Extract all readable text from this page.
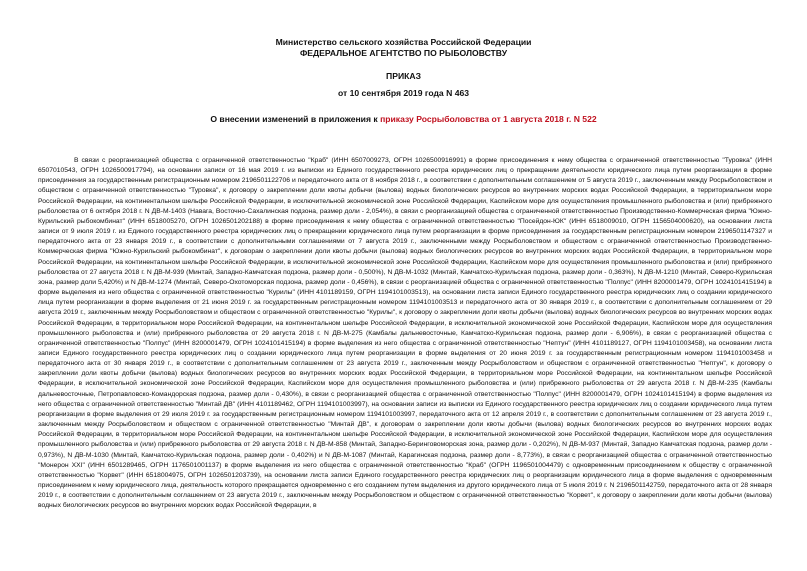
Министерство сельского хозяйства Российской Федерации
ФЕДЕРАЛЬНОЕ АГЕНТСТВО ПО РЫБОЛОВСТВУ
ПРИКАЗ
от 10 сентября 2019 года N 463
О внесении изменений в приложения к приказу Росрыболовства от 1 августа 2018 г. N 522

В связи с реорганизацией общества с ограниченной ответственностью "Краб" (ИНН 6507009273, ОГРН 1026500916991) в форме присоединения к нему общества с ограниченной ответственностью "Туровка" (ИНН 6507010543, ОГРН 1026500917794), на основании записи от 16 мая 2019 г. из выписки из Единого государственного реестра юридических лиц о прекращении деятельности юридического лица путем реорганизации в форме присоединения за государственным регистрационным номером 2196501122706 и передаточного акта от 8 ноября 2018 г., в соответствии с дополнительным соглашением от 5 августа 2019 г., заключенным между Росрыболовством и обществом с ограниченной ответственностью "Туровка", к договору о закреплении доли квоты добычи (вылова) водных биологических ресурсов во внутренних морских водах Российской Федерации, в территориальном море Российской Федерации, на континентальном шельфе Российской Федерации, в исключительной экономической зоне Российской Федерации, Каспийском море для осуществления промышленного рыболовства и (или) прибрежного рыболовства от 6 октября 2018 г. N ДВ-М-1403 (Навага, Восточно-Сахалинская подзона, размер доли - 2,054%), в связи с реорганизацией общества с ограниченной ответственностью Производственно-Коммерческая фирма "Южно-Курильский рыбокомбинат" (ИНН 6518005270, ОГРН 1026501202188) в форме присоединения к нему общества с ограниченной ответственностью "Посейдон-ЮК" (ИНН 6518009010, ОГРН 1156504000620), на основании листа записи от 9 июля 2019 г. из Единого государственного реестра юридических лиц о прекращении юридического лица путем реорганизации в форме присоединения за государственным регистрационным номером 2196501147327 и передаточного акта от 23 января 2019 г., в соответствии с дополнительными соглашениями от 7 августа 2019 г., заключенными между Росрыболовством и обществом с ограниченной ответственностью Производственно-Коммерческая фирма "Южно-Курильский рыбокомбинат", к договорам о закреплении доли квоты добычи (вылова) водных биологических ресурсов во внутренних морских водах Российской Федерации, в территориальном море Российской Федерации, на континентальном шельфе Российской Федерации, в исключительной экономической зоне Российской Федерации, Каспийском море для осуществления промышленного рыболовства и (или) прибрежного рыболовства от 27 августа 2018 г. N ДВ-М-939 (Минтай, Западно-Камчатская подзона, размер доли - 0,500%), N ДВ-М-1032 (Минтай, Камчатско-Курильская подзона, размер доли - 0,363%), N ДВ-М-1210 (Минтай, Северо-Курильская зона, размер доли 5,420%) и N ДВ-М-1274 (Минтай, Северо-Охотоморская подзона, размер доли - 0,456%), в связи с реорганизацией общества с ограниченной ответственностью "Полпус" (ИНН 8200001479, ОГРН 1024101415194) в форме выделения из него общества с ограниченной ответственностью "Курилы" (ИНН 4101189159, ОГРН 1194101003513), на основании листа записи Единого государственного реестра юридических лиц о создании юридического лица путем реорганизации в форме выделения от 21 июня 2019 г. за государственным регистрационным номером 1194101003513 и передаточного акта от 30 января 2019 г., в соответствии с дополнительным соглашением от 29 августа 2019 г., заключенным между Росрыболовством и обществом с ограниченной ответственностью "Курилы", к договору о закреплении доли квоты добычи (вылова) водных биологических ресурсов во внутренних морских водах Российской Федерации, в территориальном море Российской Федерации, на континентальном шельфе Российской Федерации, в исключительной экономической зоне Российской Федерации, Каспийском море для осуществления промышленного рыболовства и (или) прибрежного рыболовства от 29 августа 2018 г. N ДВ-М-275 (Камбалы дальневосточные, Камчатско-Курильская подзона, размер доли - 6,906%), в связи с реорганизацией общества с ограниченной ответственностью "Полпус" (ИНН 8200001479, ОГРН 1024101415194) в форме выделения из него общества с ограниченной ответственностью "Нептун" (ИНН 4101189127, ОГРН 1194101003458), на основании листа записи Единого государственного реестра юридических лиц о создании юридического лица путем реорганизации в форме выделения от 20 июня 2019 г. за государственным регистрационным номером 1194101003458 и передаточного акта от 30 января 2019 г., в соответствии с дополнительным соглашением от 23 августа 2019 г., заключенным между Росрыболовством и обществом с ограниченной ответственностью "Нептун", к договору о закреплении доли квоты добычи (вылова) водных биологических ресурсов во внутренних морских водах Российской Федерации, в территориальном море Российской Федерации, на континентальном шельфе Российской Федерации, в исключительной экономической зоне Российской Федерации, Каспийском море для осуществления промышленного рыболовства и (или) прибрежного рыболовства от 29 августа 2018 г. N ДВ-М-235 (Камбалы дальневосточные, Петропавловско-Командорская подзона, размер доли - 0,430%), в связи с реорганизацией общества с ограниченной ответственностью "Полпус" (ИНН 8200001479, ОГРН 1024101415194) в форме выделения из него общества с ограниченной ответственностью "Минтай ДВ" (ИНН 4101189462, ОГРН 1194101003997), на основании записи из выписки из Единого государственного реестра юридических лиц о создании юридического лица путем реорганизации в форме выделения от 29 июля 2019 г. за государственным регистрационным номером 1194101003997, передаточного акта от 12 апреля 2019 г., в соответствии с дополнительным соглашением от 23 августа 2019 г., заключенным между Росрыболовством и обществом с ограниченной ответственностью "Минтай ДВ", к договорам о закреплении доли квоты добычи (вылова) водных биологических ресурсов во внутренних морских водах Российской Федерации, в территориальном море Российской Федерации, на континентальном шельфе Российской Федерации, в исключительной экономической зоне Российской Федерации, Каспийском море для осуществления промышленного рыболовства и (или) прибрежного рыболовства от 29 августа 2018 г. N ДВ-М-858 (Минтай, Западно-Беринговоморская зона, размер доли - 0,202%), N ДВ-М-937 (Минтай, Западно Камчатская подзона, размер доли - 0,973%), N ДВ-М-1030 (Минтай, Камчатско-Курильская подзона, размер доли - 0,402%) и N ДВ-М-1087 (Минтай, Карагинская подзона, размер доли - 8,773%), в связи с реорганизацией общества с ограниченной ответственностью "Монерон ХХI" (ИНН 6501289465, ОГРН 1176501001137) в форме выделения из него общества с ограниченной ответственностью "Краб" (ОГРН 1196501004479) с одновременным присоединением к обществу с ограниченной ответственностью "Корвет" (ИНН 6518004975, ОГРН 1026501203739), на основании листа записи Единого государственного реестра юридических лиц о реорганизации юридического лица в форме выделения с одновременным присоединением к нему юридического лица, деятельность которого прекращается одновременно с его созданием путем выделения из другого юридического лица от 5 июля 2019 г. N 2196501142759, передаточного акта от 28 января 2019 г., в соответствии с дополнительным соглашением от 23 августа 2019 г., заключенным между Росрыболовством и обществом с ограниченной ответственностью "Корвет", к договору о закреплении доли квоты добычи (вылова) водных биологических ресурсов во внутренних морских водах Российской Федерации, в
